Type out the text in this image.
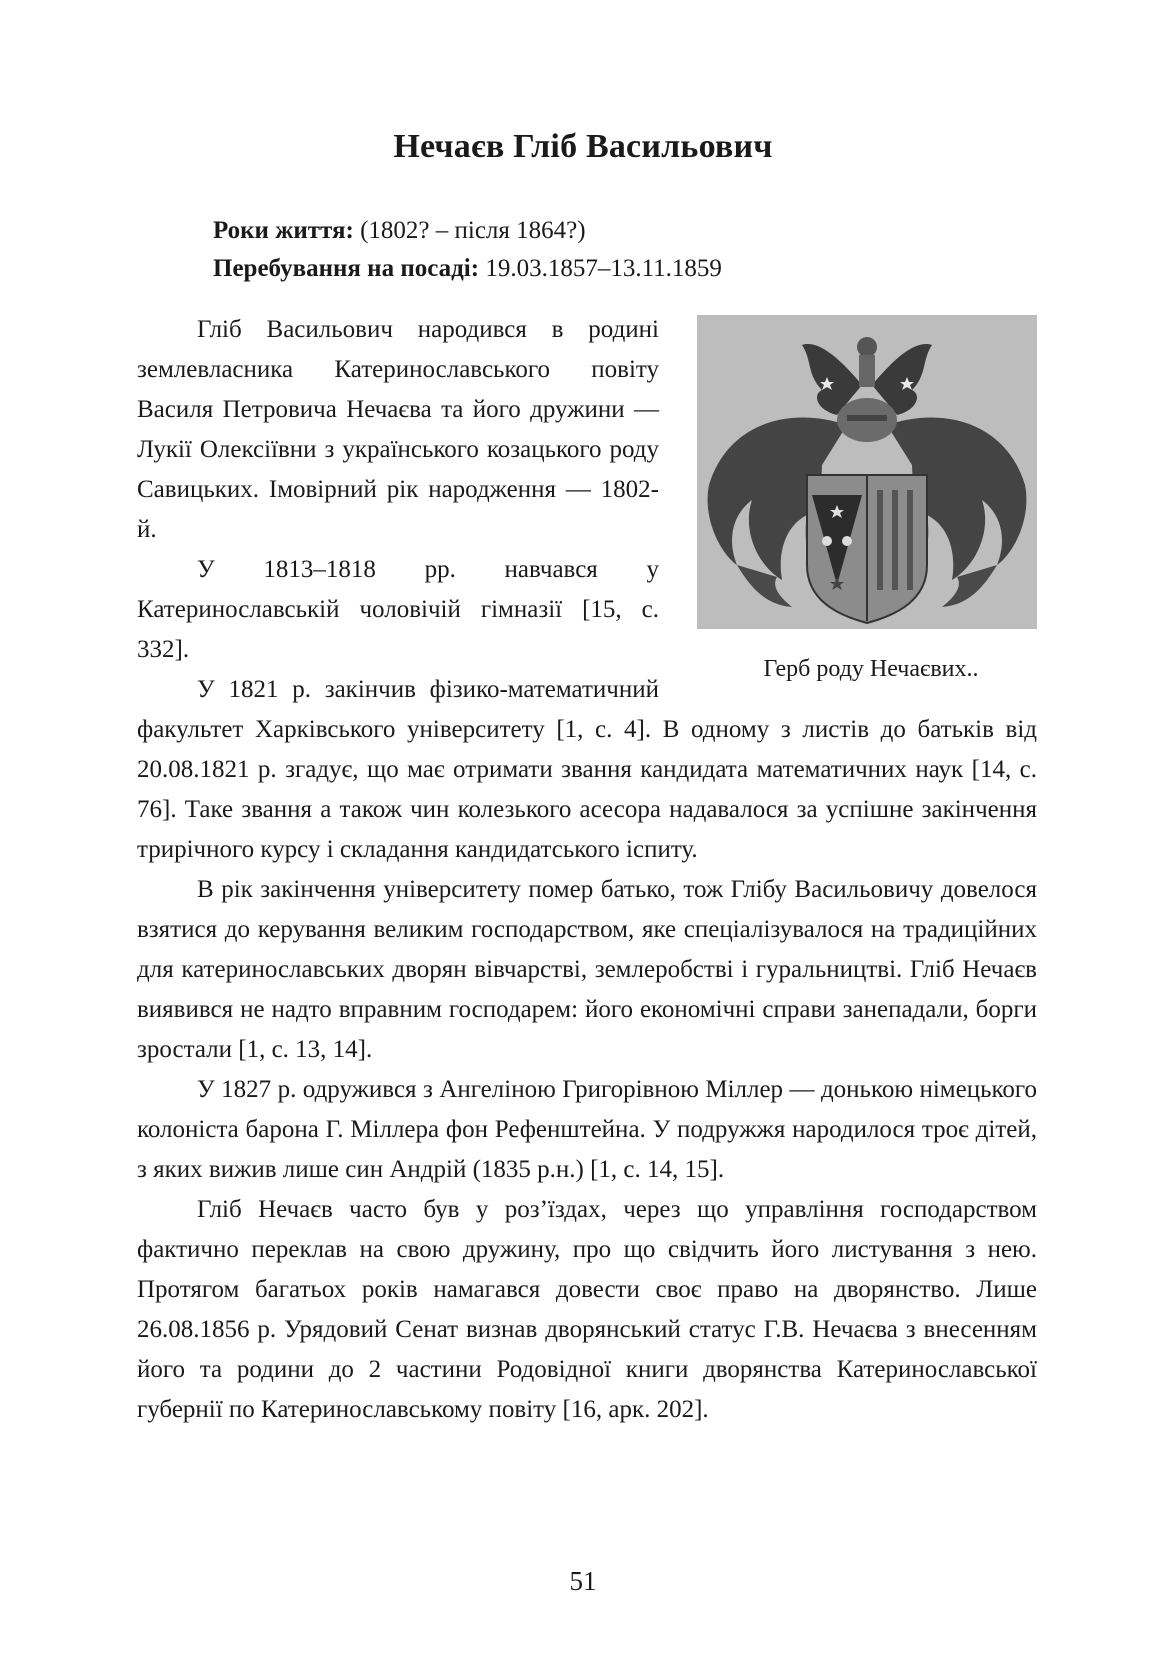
Нечаєв Гліб Васильович
Роки життя: (1802? – після 1864?)
Перебування на посаді: 19.03.1857–13.11.1859
Герб роду Нечаєвих..

Гліб Васильович народився в родині землевласника Катеринославського повіту Василя Петровича Нечаєва та його дружини — Лукії Олексіївни з українського козацького роду Савицьких. Імовірний рік народження — 1802- й.

У 1813–1818 рр. навчався у Катеринославській чоловічій гімназії [15, с. 332].

У 1821 р. закінчив фізико-математичний факультет Харківського університету [1, с. 4]. В одному з листів до батьків від 20.08.1821 р. згадує, що має отримати звання кандидата математичних наук [14, с. 76]. Таке звання а також чин колезького асесора надавалося за успішне закінчення трирічного курсу і складання кандидатського іспиту.

В рік закінчення університету помер батько, тож Глібу Васильовичу довелося взятися до керування великим господарством, яке спеціалізувалося на традиційних для катеринославських дворян вівчарстві, землеробстві і гуральництві. Гліб Нечаєв виявився не надто вправним господарем: його економічні справи занепадали, борги зростали [1, с. 13, 14].

У 1827 р. одружився з Ангеліною Григорівною Міллер — донькою німецького колоніста барона Г. Міллера фон Рефенштейна. У подружжя народилося троє дітей, з яких вижив лише син Андрій (1835 р.н.) [1, с. 14, 15].

Гліб Нечаєв часто був у роз’їздах, через що управління господарством фактично переклав на свою дружину, про що свідчить його листування з нею. Протягом багатьох років намагався довести своє право на дворянство. Лише 26.08.1856 р. Урядовий Сенат визнав дворянський статус Г.В. Нечаєва з внесенням його та родини до 2 частини Родовідної книги дворянства Катеринославської губернії по Катеринославському повіту [16, арк. 202].

51
